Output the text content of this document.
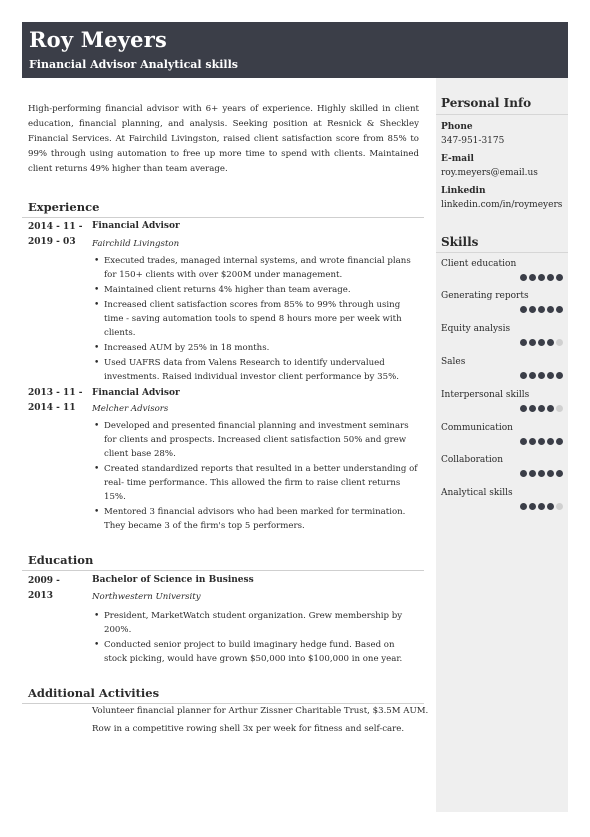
Roy Meyers
Financial Advisor Analytical skills
Personal Info
Phone
347-951-3175
E-mail
roy.meyers@email.us
Linkedin
linkedin.com/in/roymeyers
Skills
Client education
Generating reports
Equity analysis
Sales
Interpersonal skills
Communication
Collaboration
Analytical skills
High-performing financial advisor with 6+ years of experience. Highly skilled in client education, financial planning, and analysis. Seeking position at Resnick & Sheckley Financial Services. At Fairchild Livingston, raised client satisfaction score from 85% to 99% through using automation to free up more time to spend with clients. Maintained client returns 49% higher than team average.
Experience
2014 - 11 -
2019 - 03
Financial Advisor
Fairchild Livingston
• Executed trades, managed internal systems, and wrote financial plans for 150+ clients with over $200M under management.
• Maintained client returns 4% higher than team average.
• Increased client satisfaction scores from 85% to 99% through using time - saving automation tools to spend 8 hours more per week with clients.
• Increased AUM by 25% in 18 months.
• Used UAFRS data from Valens Research to identify undervalued investments. Raised individual investor client performance by 35%.
2013 - 11 -
2014 - 11
Financial Advisor
Melcher Advisors
• Developed and presented financial planning and investment seminars for clients and prospects. Increased client satisfaction 50% and grew client base 28%.
• Created standardized reports that resulted in a better understanding of real- time performance. This allowed the firm to raise client returns 15%.
• Mentored 3 financial advisors who had been marked for termination. They became 3 of the firm's top 5 performers.
Education
2009 -
2013
Bachelor of Science in Business
Northwestern University
• President, MarketWatch student organization. Grew membership by 200%.
• Conducted senior project to build imaginary hedge fund. Based on stock picking, would have grown $50,000 into $100,000 in one year.
Additional Activities
Volunteer financial planner for Arthur Zissner Charitable Trust, $3.5M AUM.
Row in a competitive rowing shell 3x per week for fitness and self-care.
